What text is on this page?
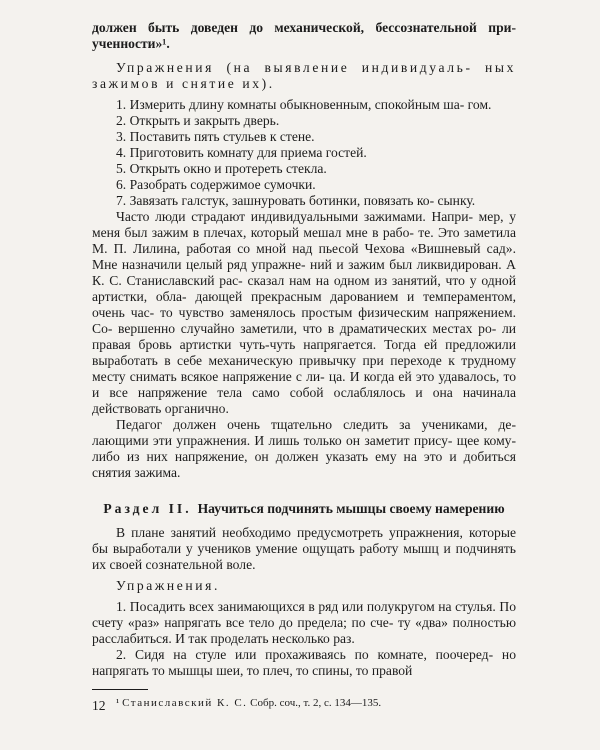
должен быть доведен до механической, бессознательной при- ученности»¹.

Упражнения (на выявление индивидуаль- ных зажимов и снятие их).

1. Измерить длину комнаты обыкновенным, спокойным ша- гом.
2. Открыть и закрыть дверь.
3. Поставить пять стульев к стене.
4. Приготовить комнату для приема гостей.
5. Открыть окно и протереть стекла.
6. Разобрать содержимое сумочки.
7. Завязать галстук, зашнуровать ботинки, повязать ко- сынку.

Часто люди страдают индивидуальными зажимами. Напри- мер, у меня был зажим в плечах, который мешал мне в рабо- те. Это заметила М. П. Лилина, работая со мной над пьесой Чехова «Вишневый сад». Мне назначили целый ряд упражне- ний и зажим был ликвидирован. А К. С. Станиславский рас- сказал нам на одном из занятий, что у одной артистки, обла- дающей прекрасным дарованием и темпераментом, очень час- то чувство заменялось простым физическим напряжением. Со- вершенно случайно заметили, что в драматических местах ро- ли правая бровь артистки чуть-чуть напрягается. Тогда ей предложили выработать в себе механическую привычку при переходе к трудному месту снимать всякое напряжение с ли- ца. И когда ей это удавалось, то и все напряжение тела само собой ослаблялось и она начинала действовать органично.

Педагог должен очень тщательно следить за учениками, де- лающими эти упражнения. И лишь только он заметит прису- щее кому-либо из них напряжение, он должен указать ему на это и добиться снятия зажима.

Раздел II. Научиться подчинять мышцы своему намерению

В плане занятий необходимо предусмотреть упражнения, которые бы выработали у учеников умение ощущать работу мышц и подчинять их своей сознательной воле.

Упражнения.

1. Посадить всех занимающихся в ряд или полукругом на стулья. По счету «раз» напрягать все тело до предела; по сче- ту «два» полностью расслабиться. И так проделать несколько раз.
2. Сидя на стуле или прохаживаясь по комнате, поочеред- но напрягать то мышцы шеи, то плеч, то спины, то правой
¹ Станиславский К. С. Собр. соч., т. 2, с. 134—135.
12
